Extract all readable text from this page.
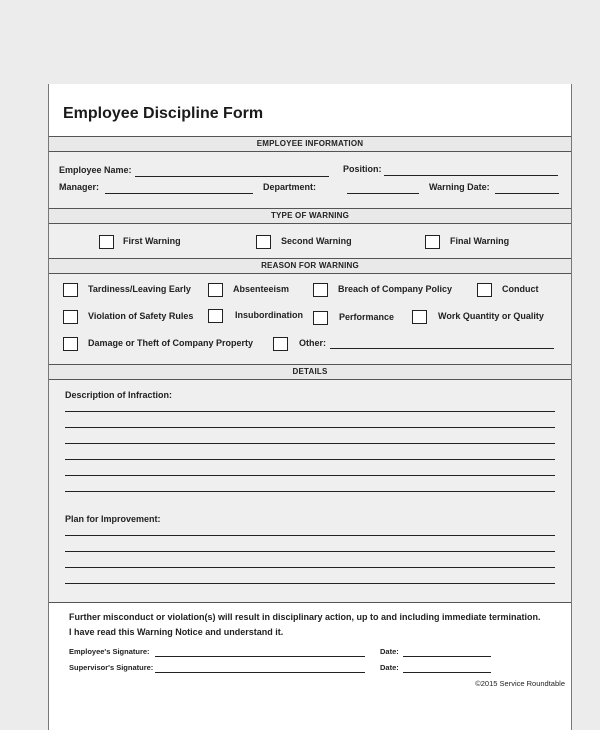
Employee Discipline Form
EMPLOYEE INFORMATION
Employee Name:	Position:
Manager:	Department:	Warning Date:
TYPE OF WARNING
First Warning	Second Warning	Final Warning
REASON FOR WARNING
Tardiness/Leaving Early	Absenteeism	Breach of Company Policy	Conduct
Violation of Safety Rules	Insubordination	Performance	Work Quantity or Quality
Damage or Theft of Company Property	Other:
DETAILS
Description of Infraction:
Plan for Improvement:
Further misconduct or violation(s) will result in disciplinary action, up to and including immediate termination.
I have read this Warning Notice and understand it.
Employee's Signature:	Date:
Supervisor's Signature:	Date:
©2015 Service Roundtable
